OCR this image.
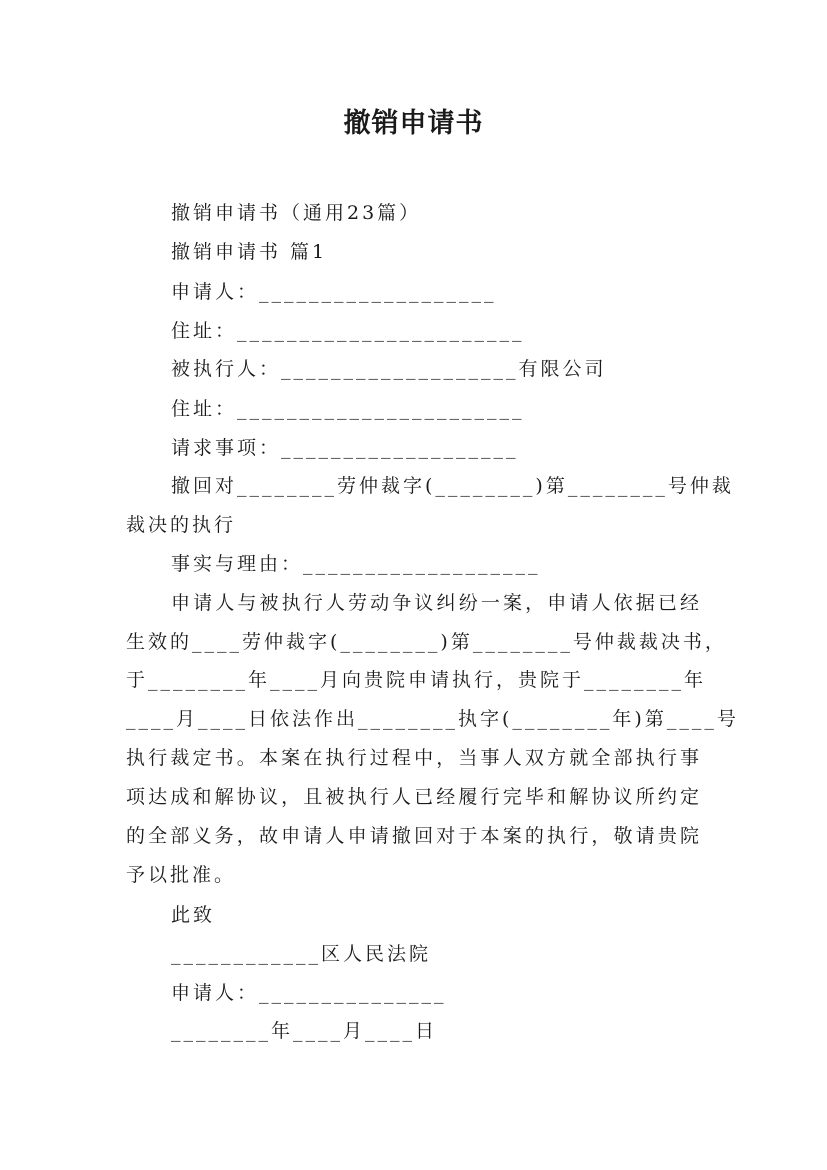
撤销申请书
撤销申请书（通用23篇）
撤销申请书 篇1
申请人：___________________
住址：_______________________
被执行人：___________________有限公司
住址：_______________________
请求事项：___________________
撤回对________劳仲裁字(________)第________号仲裁
裁决的执行
事实与理由：___________________
申请人与被执行人劳动争议纠纷一案，申请人依据已经
生效的____劳仲裁字(________)第________号仲裁裁决书，
于________年____月向贵院申请执行，贵院于________年
____月____日依法作出________执字(________年)第____号
执行裁定书。本案在执行过程中，当事人双方就全部执行事
项达成和解协议，且被执行人已经履行完毕和解协议所约定
的全部义务，故申请人申请撤回对于本案的执行，敬请贵院
予以批准。
此致
____________区人民法院
申请人：_______________
________年____月____日
